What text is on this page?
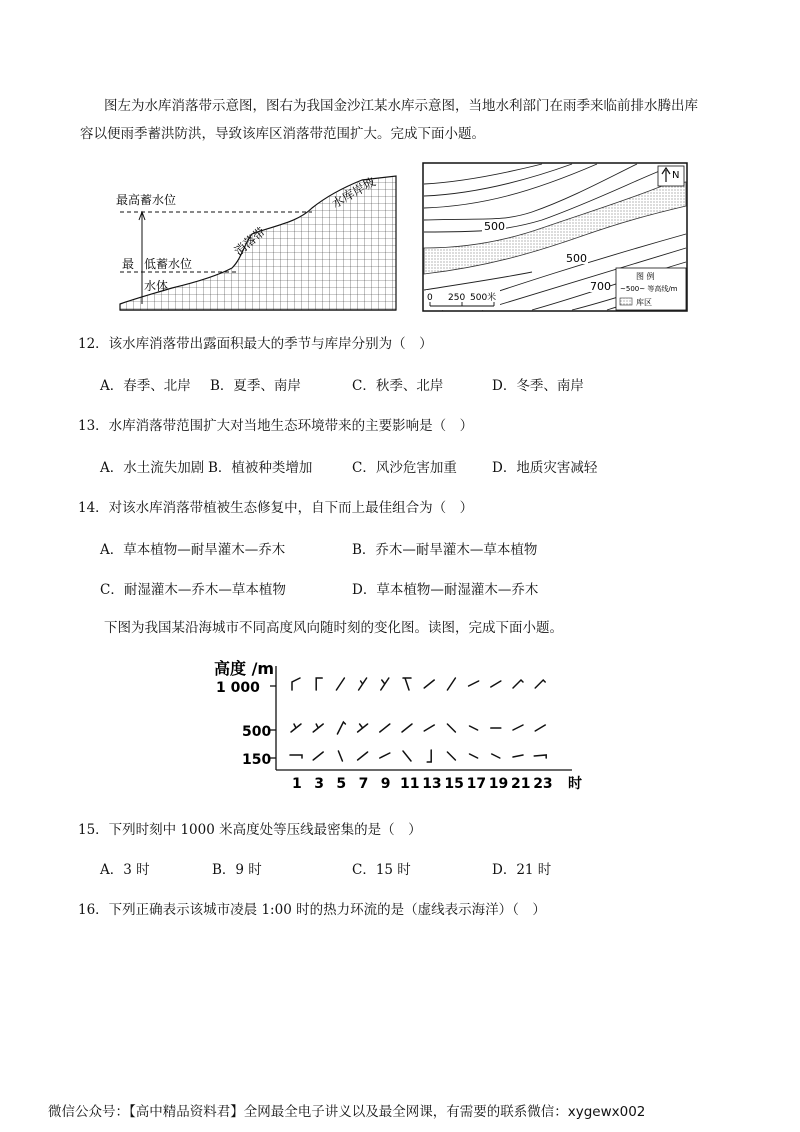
图左为水库消落带示意图，图右为我国金沙江某水库示意图，当地水利部门在雨季来临前排水腾出库
容以便雨季蓄洪防洪，导致该库区消落带范围扩大。完成下面小题。
最高蓄水位
最 低蓄水位
水体
消落带
水库岸坡
500
500
700
N
图 例
~500~ 等高线/m
库区
0 250 500米
12．该水库消落带出露面积最大的季节与库岸分别为（　）
A．春季、北岸 B．夏季、南岸	C．秋季、北岸	D．冬季、南岸
13．水库消落带范围扩大对当地生态环境带来的主要影响是（　）
A．水土流失加剧 B．植被种类增加	C．风沙危害加重	D．地质灾害减轻
14．对该水库消落带植被生态修复中，自下而上最佳组合为（　）
A．草本植物—耐旱灌木—乔木	B．乔木—耐旱灌木—草本植物
C．耐湿灌木—乔木—草本植物	D．草本植物—耐湿灌木—乔木
下图为我国某沿海城市不同高度风向随时刻的变化图。读图，完成下面小题。
高度 /m
1 000
500
150
1 3 5 7 9 11 13 15 17 19 21 23 时
15．下列时刻中 1000 米高度处等压线最密集的是（　）
A．3 时	B．9 时	C．15 时	D．21 时
16．下列正确表示该城市凌晨 1:00 时的热力环流的是（虚线表示海洋）（　）
微信公众号：【高中精品资料君】全网最全电子讲义以及最全网课，有需要的联系微信：xygewx002
